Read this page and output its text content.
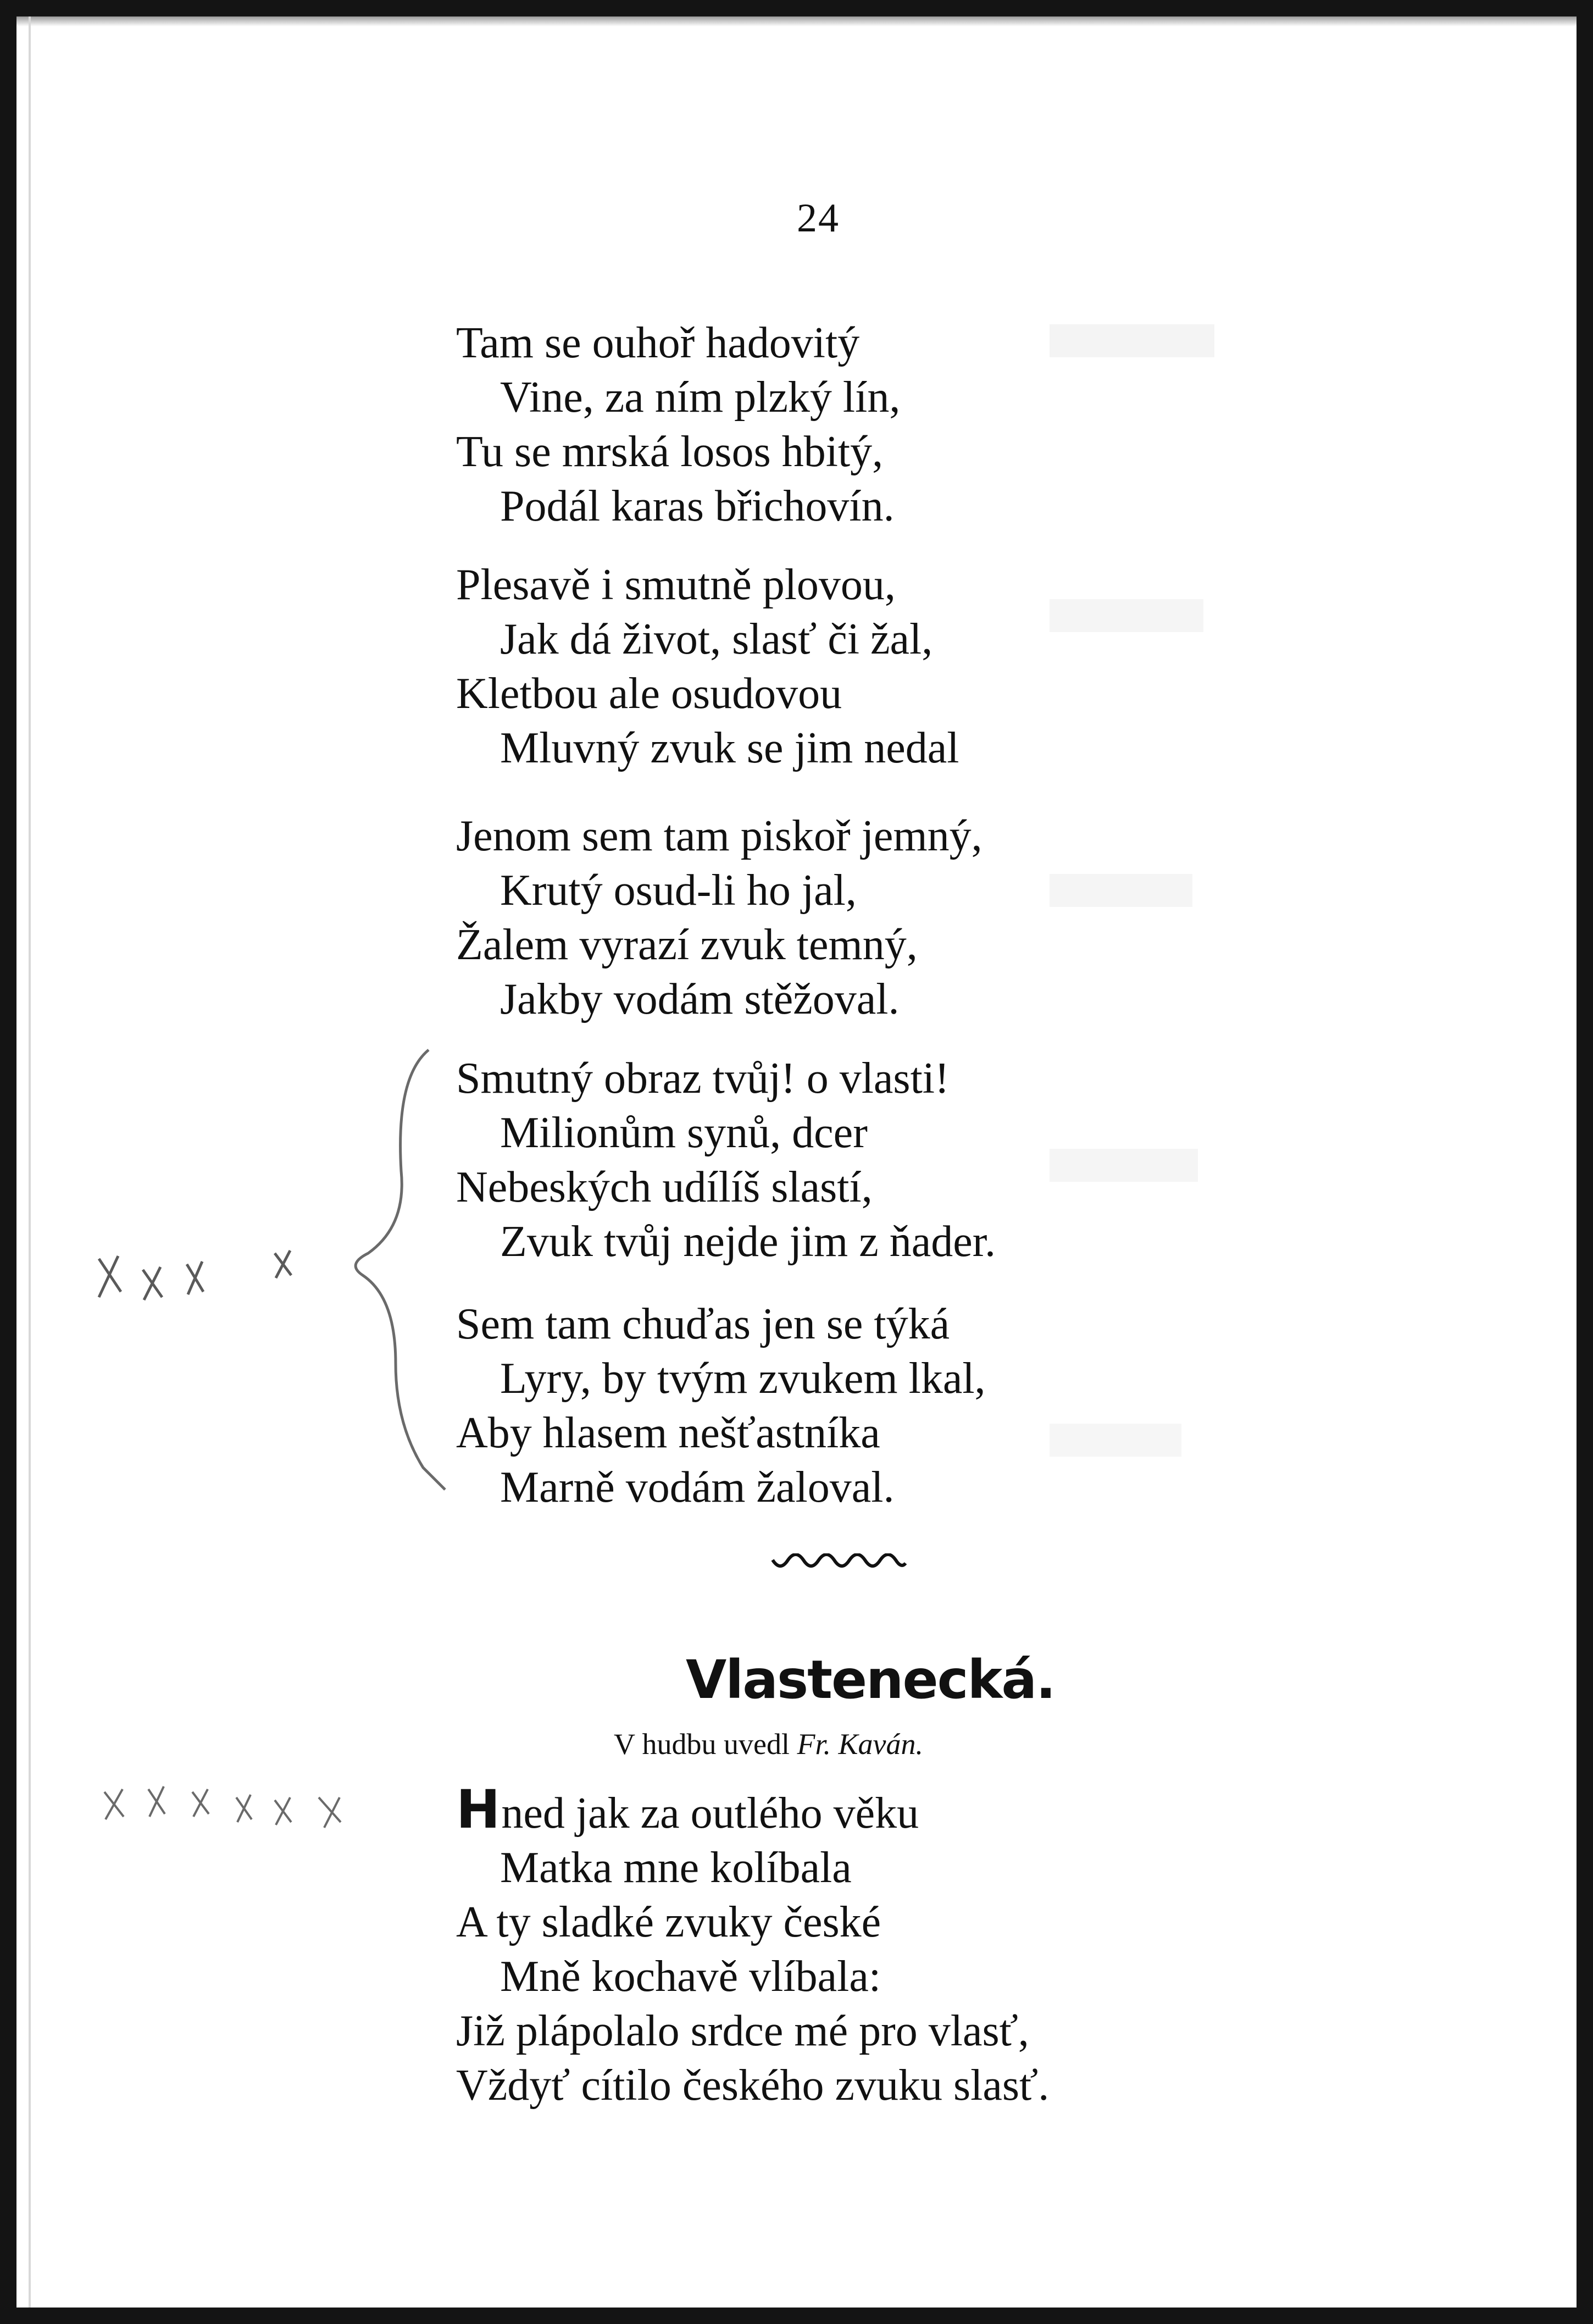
24
Tam se ouhoř hadovitý
Vine, za ním plzký lín,
Tu se mrská losos hbitý,
Podál karas břichovín.
Plesavě i smutně plovou,
Jak dá život, slasť či žal,
Kletbou ale osudovou
Mluvný zvuk se jim nedal
Jenom sem tam piskoř jemný,
Krutý osud-li ho jal,
Žalem vyrazí zvuk temný,
Jakby vodám stěžoval.
Smutný obraz tvůj! o vlasti!
Milionům synů, dcer
Nebeských udílíš slastí,
Zvuk tvůj nejde jim z ňader.
Sem tam chuďas jen se týká
Lyry, by tvým zvukem lkal,
Aby hlasem nešťastníka
Marně vodám žaloval.
Vlastenecká.
V hudbu uvedl Fr. Kaván.
Hned jak za outlého věku
Matka mne kolíbala
A ty sladké zvuky české
Mně kochavě vlíbala:
Již plápolalo srdce mé pro vlasť,
Vždyť cítilo českého zvuku slasť.
